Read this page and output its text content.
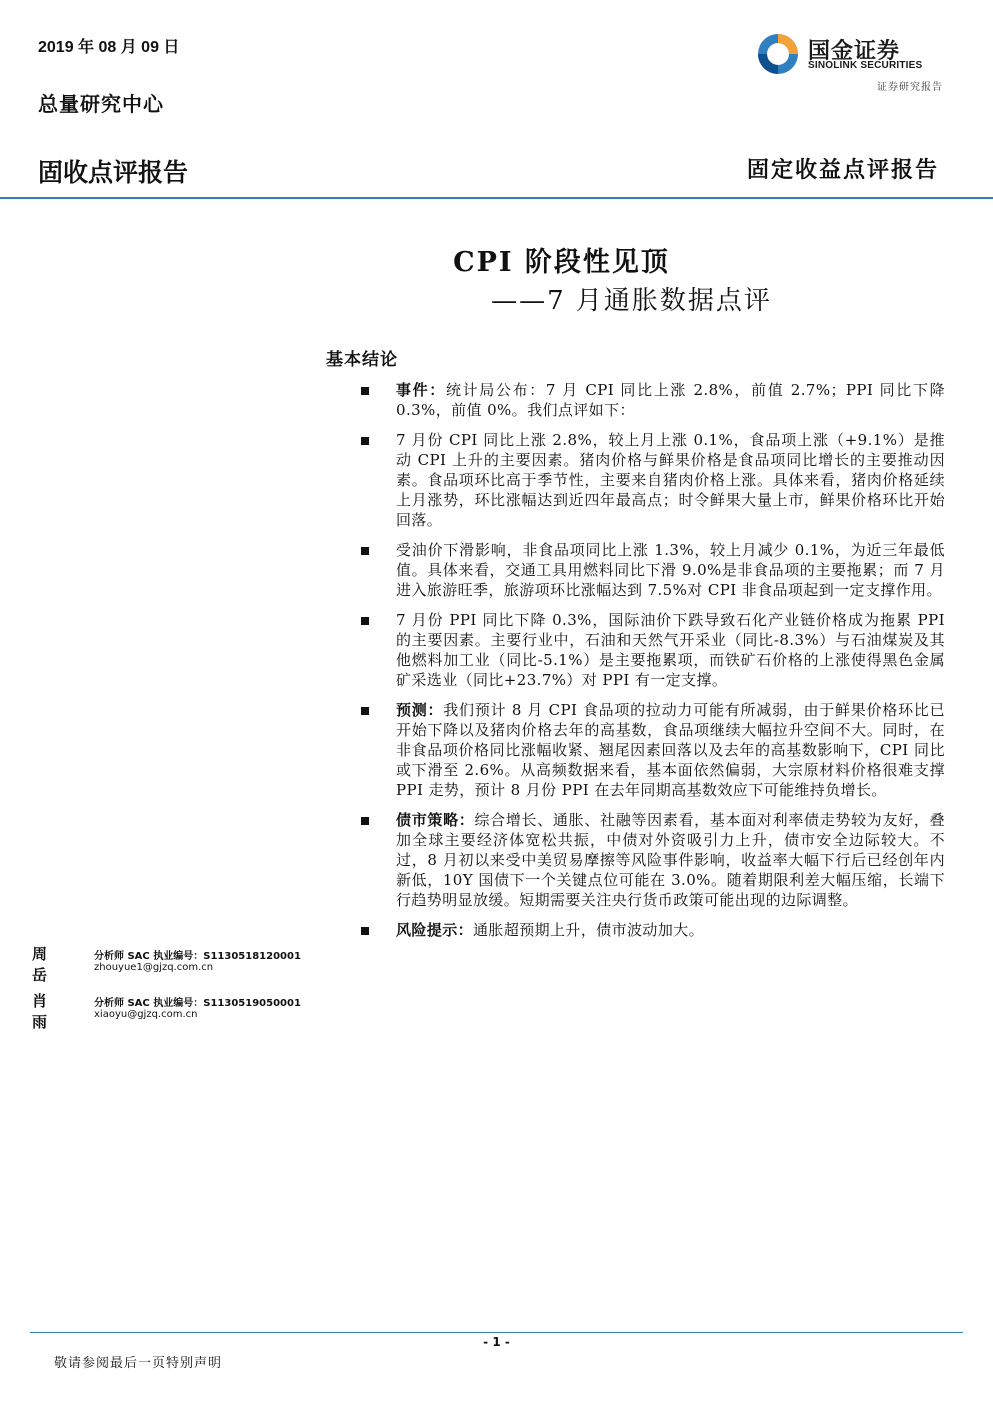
2019 年 08 月 09 日
总量研究中心
固收点评报告	固定收益点评报告
国金证券
SINOLINK SECURITIES
证券研究报告
CPI 阶段性见顶
——7 月通胀数据点评
基本结论
事件：统计局公布：7 月 CPI 同比上涨 2.8%，前值 2.7%；PPI 同比下降 0.3%，前值 0%。我们点评如下：
7 月份 CPI 同比上涨 2.8%，较上月上涨 0.1%，食品项上涨（+9.1%）是推动 CPI 上升的主要因素。猪肉价格与鲜果价格是食品项同比增长的主要推动因素。食品项环比高于季节性，主要来自猪肉价格上涨。具体来看，猪肉价格延续上月涨势，环比涨幅达到近四年最高点；时令鲜果大量上市，鲜果价格环比开始回落。
受油价下滑影响，非食品项同比上涨 1.3%，较上月减少 0.1%，为近三年最低值。具体来看，交通工具用燃料同比下滑 9.0%是非食品项的主要拖累；而 7 月进入旅游旺季，旅游项环比涨幅达到 7.5%对 CPI 非食品项起到一定支撑作用。
7 月份 PPI 同比下降 0.3%，国际油价下跌导致石化产业链价格成为拖累 PPI 的主要因素。主要行业中，石油和天然气开采业（同比-8.3%）与石油煤炭及其他燃料加工业（同比-5.1%）是主要拖累项，而铁矿石价格的上涨使得黑色金属矿采选业（同比+23.7%）对 PPI 有一定支撑。
预测：我们预计 8 月 CPI 食品项的拉动力可能有所减弱，由于鲜果价格环比已开始下降以及猪肉价格去年的高基数，食品项继续大幅拉升空间不大。同时，在非食品项价格同比涨幅收紧、翘尾因素回落以及去年的高基数影响下，CPI 同比或下滑至 2.6%。从高频数据来看，基本面依然偏弱，大宗原材料价格很难支撑 PPI 走势，预计 8 月份 PPI 在去年同期高基数效应下可能维持负增长。
债市策略：综合增长、通胀、社融等因素看，基本面对利率债走势较为友好，叠加全球主要经济体宽松共振，中债对外资吸引力上升，债市安全边际较大。不过，8 月初以来受中美贸易摩擦等风险事件影响，收益率大幅下行后已经创年内新低，10Y 国债下一个关键点位可能在 3.0%。随着期限利差大幅压缩，长端下行趋势明显放缓。短期需要关注央行货币政策可能出现的边际调整。
风险提示：通胀超预期上升，债市波动加大。
周岳
分析师 SAC 执业编号：S1130518120001
zhouyue1@gjzq.com.cn
肖雨
分析师 SAC 执业编号：S1130519050001
xiaoyu@gjzq.com.cn
- 1 -
敬请参阅最后一页特别声明
